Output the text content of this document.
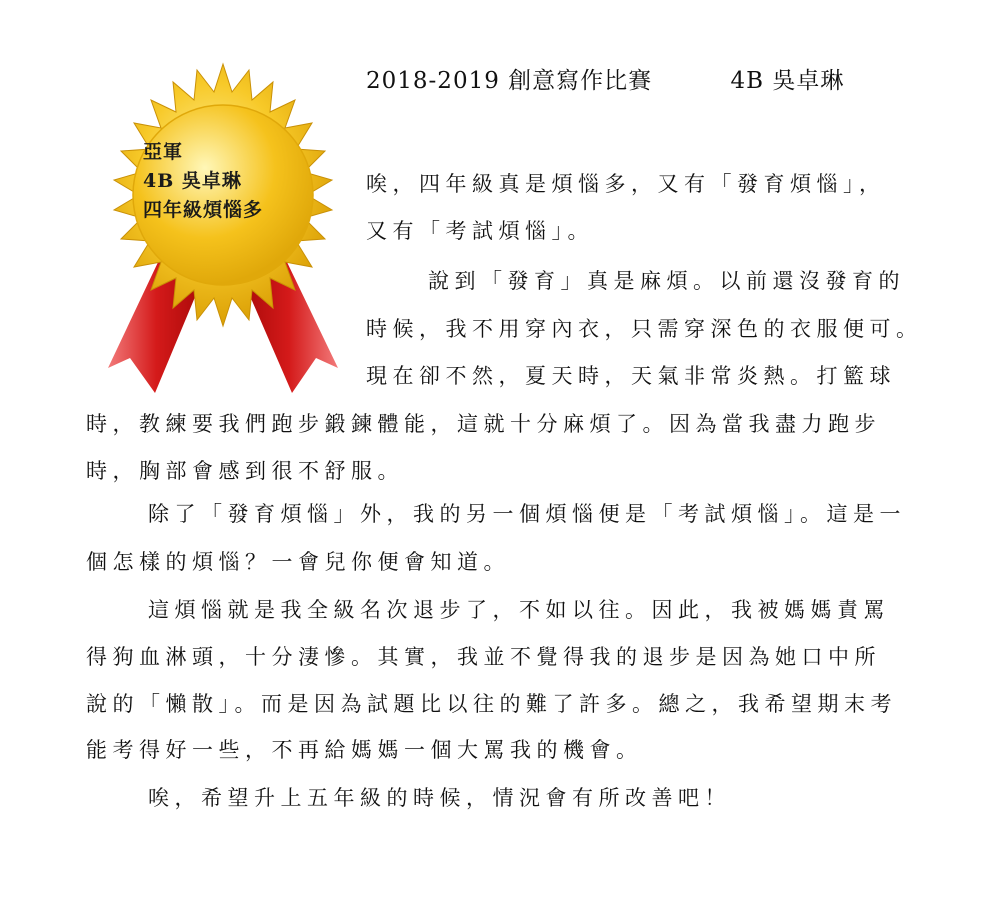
2018-2019 創意寫作比賽	4B 吳卓琳
亞軍
4B 吳卓琳
四年級煩惱多
唉，四年級真是煩惱多，又有「發育煩惱」，
又有「考試煩惱」。
說到「發育」真是麻煩。以前還沒發育的
時候，我不用穿內衣，只需穿深色的衣服便可。
現在卻不然，夏天時，天氣非常炎熱。打籃球
時，教練要我們跑步鍛鍊體能，這就十分麻煩了。因為當我盡力跑步
時，胸部會感到很不舒服。
除了「發育煩惱」外，我的另一個煩惱便是「考試煩惱」。這是一
個怎樣的煩惱？一會兒你便會知道。
這煩惱就是我全級名次退步了，不如以往。因此，我被媽媽責罵
得狗血淋頭，十分淒慘。其實，我並不覺得我的退步是因為她口中所
說的「懶散」。而是因為試題比以往的難了許多。總之，我希望期末考
能考得好一些，不再給媽媽一個大罵我的機會。
唉，希望升上五年級的時候，情況會有所改善吧！
